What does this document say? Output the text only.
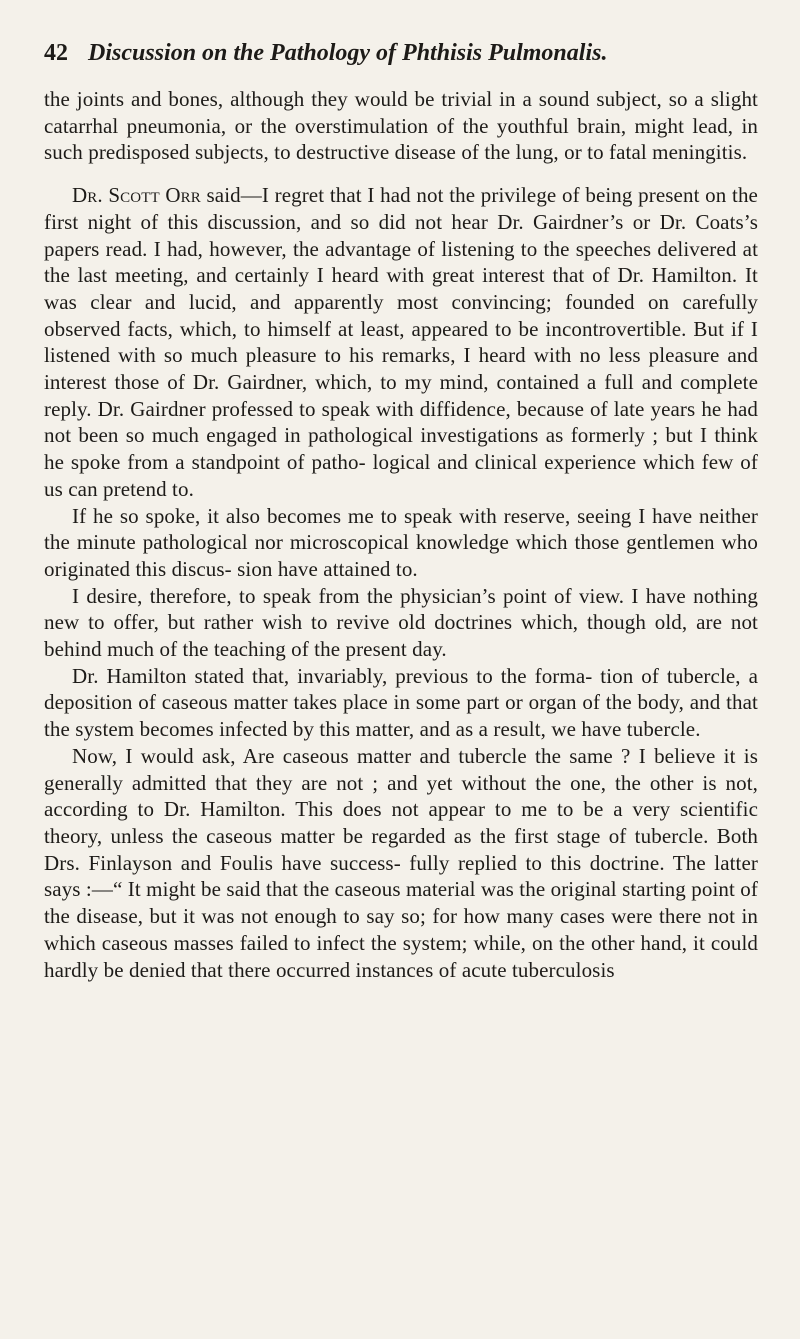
42 Discussion on the Pathology of Phthisis Pulmonalis.

the joints and bones, although they would be trivial in a sound subject, so a slight catarrhal pneumonia, or the overstimulation of the youthful brain, might lead, in such predisposed subjects, to destructive disease of the lung, or to fatal meningitis.

Dr. Scott Orr said—I regret that I had not the privilege of being present on the first night of this discussion, and so did not hear Dr. Gairdner’s or Dr. Coats’s papers read. I had, however, the advantage of listening to the speeches delivered at the last meeting, and certainly I heard with great interest that of Dr. Hamilton. It was clear and lucid, and apparently most convincing; founded on carefully observed facts, which, to himself at least, appeared to be incontrovertible. But if I listened with so much pleasure to his remarks, I heard with no less pleasure and interest those of Dr. Gairdner, which, to my mind, contained a full and complete reply. Dr. Gairdner professed to speak with diffidence, because of late years he had not been so much engaged in pathological investigations as formerly ; but I think he spoke from a standpoint of patho- logical and clinical experience which few of us can pretend to.

If he so spoke, it also becomes me to speak with reserve, seeing I have neither the minute pathological nor microscopical knowledge which those gentlemen who originated this discus- sion have attained to.

I desire, therefore, to speak from the physician’s point of view. I have nothing new to offer, but rather wish to revive old doctrines which, though old, are not behind much of the teaching of the present day.

Dr. Hamilton stated that, invariably, previous to the forma- tion of tubercle, a deposition of caseous matter takes place in some part or organ of the body, and that the system becomes infected by this matter, and as a result, we have tubercle.

Now, I would ask, Are caseous matter and tubercle the same ? I believe it is generally admitted that they are not ; and yet without the one, the other is not, according to Dr. Hamilton. This does not appear to me to be a very scientific theory, unless the caseous matter be regarded as the first stage of tubercle. Both Drs. Finlayson and Foulis have success- fully replied to this doctrine. The latter says :—“ It might be said that the caseous material was the original starting point of the disease, but it was not enough to say so; for how many cases were there not in which caseous masses failed to infect the system; while, on the other hand, it could hardly be denied that there occurred instances of acute tuberculosis
